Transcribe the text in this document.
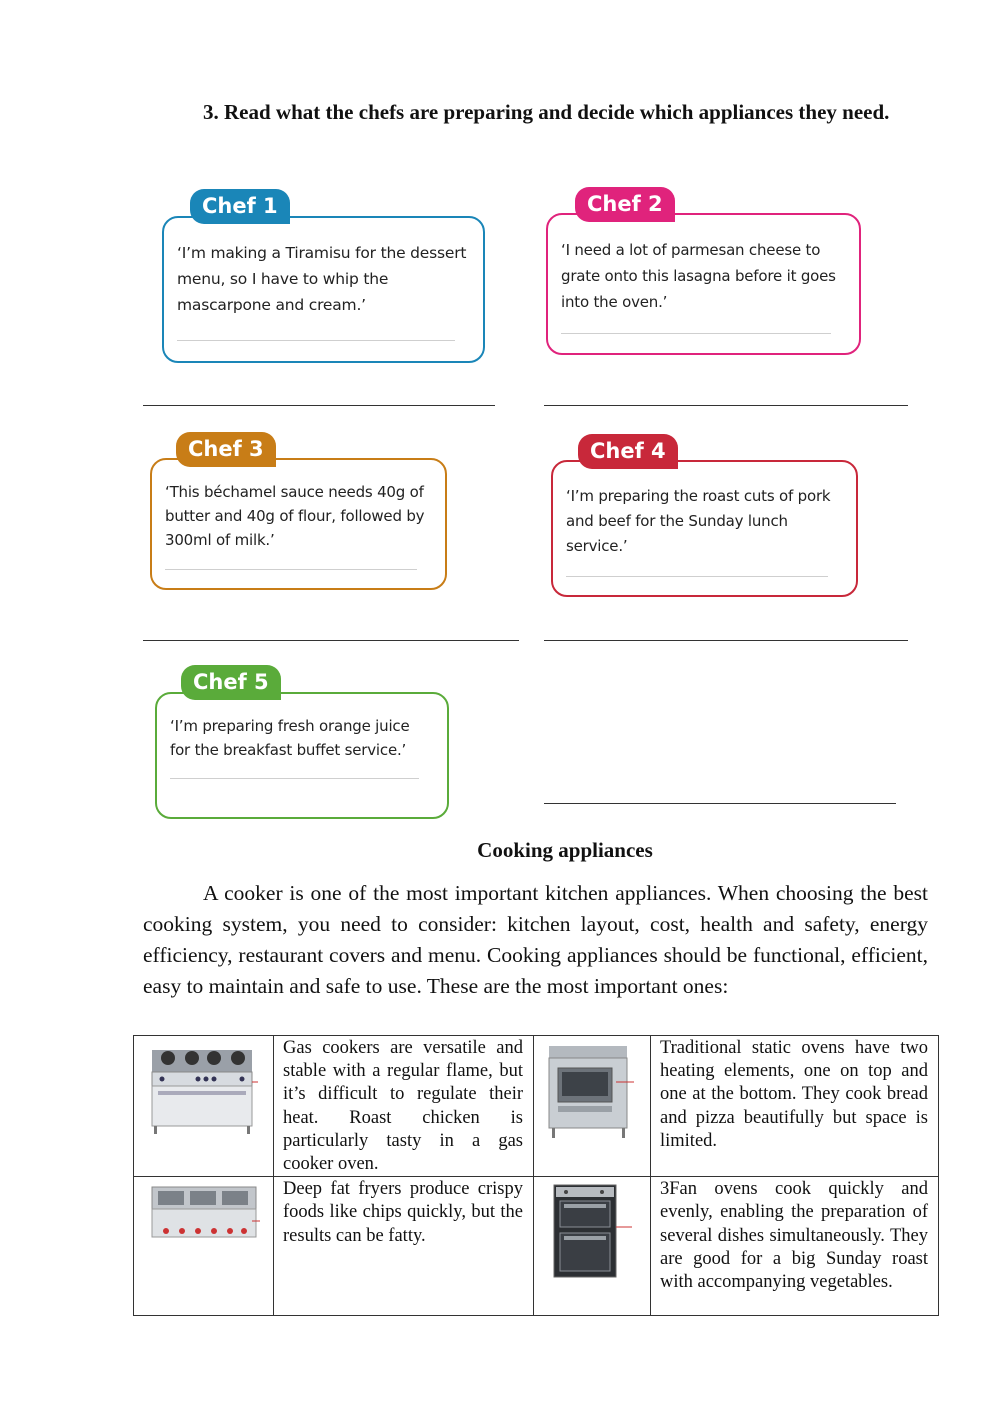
3. Read what the chefs are preparing and decide which appliances they need.

‘I’m making a Tiramisu for the dessert menu, so I have to whip the mascarpone and cream.’

Chef 1

‘I need a lot of parmesan cheese to grate onto this lasagna before it goes into the oven.’

Chef 2

‘This béchamel sauce needs 40g of butter and 40g of flour, followed by 300ml of milk.’

Chef 3

‘I’m preparing the roast cuts of pork and beef for the Sunday lunch service.’

Chef 4

‘I’m preparing fresh orange juice for the breakfast buffet service.’

Chef 5

Cooking appliances

A cooker is one of the most important kitchen appliances. When choosing the best cooking system, you need to consider: kitchen layout, cost, health and safety, energy efficiency, restaurant covers and menu. Cooking appliances should be functional, efficient, easy to maintain and safe to use. These are the most important ones:

	Gas cookers are versatile and stable with a regular flame, but it’s difficult to regulate their heat. Roast chicken is particularly tasty in a gas cooker oven.		Traditional static ovens have two heating elements, one on top and one at the bottom. They cook bread and pizza beautifully but space is limited.

	Deep fat fryers produce crispy foods like chips quickly, but the results can be fatty.		3Fan ovens cook quickly and evenly, enabling the preparation of several dishes simultaneously. They are good for a big Sunday roast with accompanying vegetables.
